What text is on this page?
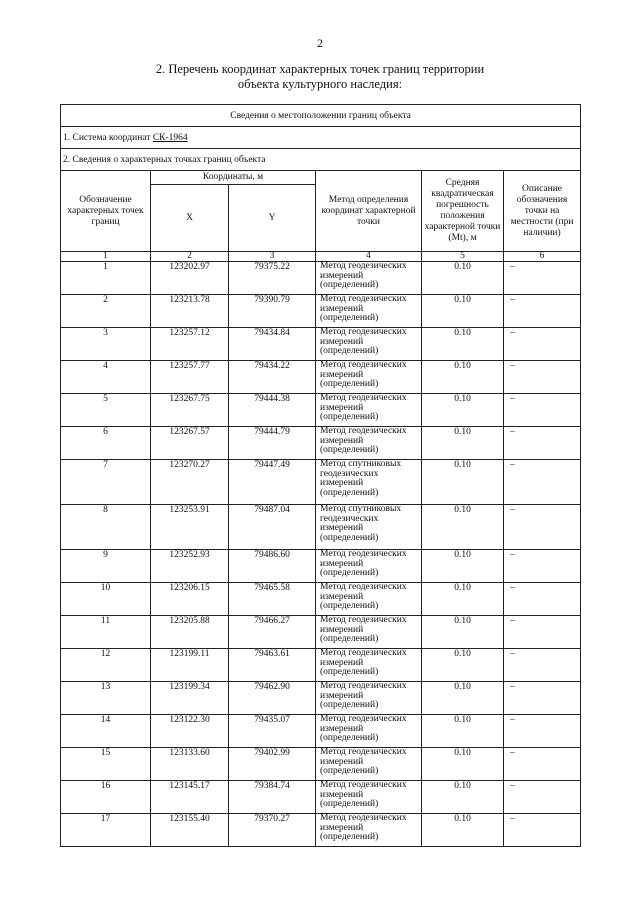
2
2. Перечень координат характерных точек границ территории
объекта культурного наследия:
Сведения о местоположении границ объекта					
1. Система координат СК-1964					
2. Сведения о характерных точках границ объекта					
Обозначение характерных точек границ	Координаты, м		Метод определения координат характерной точки	Средняя квадратическая погрешность положения характерной точки (Мt), м	Описание обозначения точки на местности (при наличии)
	X	Y			
1	2	3	4	5	6
1	123202.97	79375.22	Метод геодезических измерений (определений)	0.10	–
2	123213.78	79390.79	Метод геодезических измерений (определений)	0.10	–
3	123257.12	79434.84	Метод геодезических измерений (определений)	0.10	–
4	123257.77	79434.22	Метод геодезических измерений (определений)	0.10	–
5	123267.75	79444.38	Метод геодезических измерений (определений)	0.10	–
6	123267.57	79444.79	Метод геодезических измерений (определений)	0.10	–
7	123270.27	79447.49	Метод спутниковых геодезических измерений (определений)	0.10	–
8	123253.91	79487.04	Метод спутниковых геодезических измерений (определений)	0.10	–
9	123252.93	79486.60	Метод геодезических измерений (определений)	0.10	–
10	123206.15	79465.58	Метод геодезических измерений (определений)	0.10	–
11	123205.88	79466.27	Метод геодезических измерений (определений)	0.10	–
12	123199.11	79463.61	Метод геодезических измерений (определений)	0.10	–
13	123199.34	79462.90	Метод геодезических измерений (определений)	0.10	–
14	123122.30	79435.07	Метод геодезических измерений (определений)	0.10	–
15	123133.60	79402.99	Метод геодезических измерений (определений)	0.10	–
16	123145.17	79384.74	Метод геодезических измерений (определений)	0.10	–
17	123155.40	79370.27	Метод геодезических измерений (определений)	0.10	–
